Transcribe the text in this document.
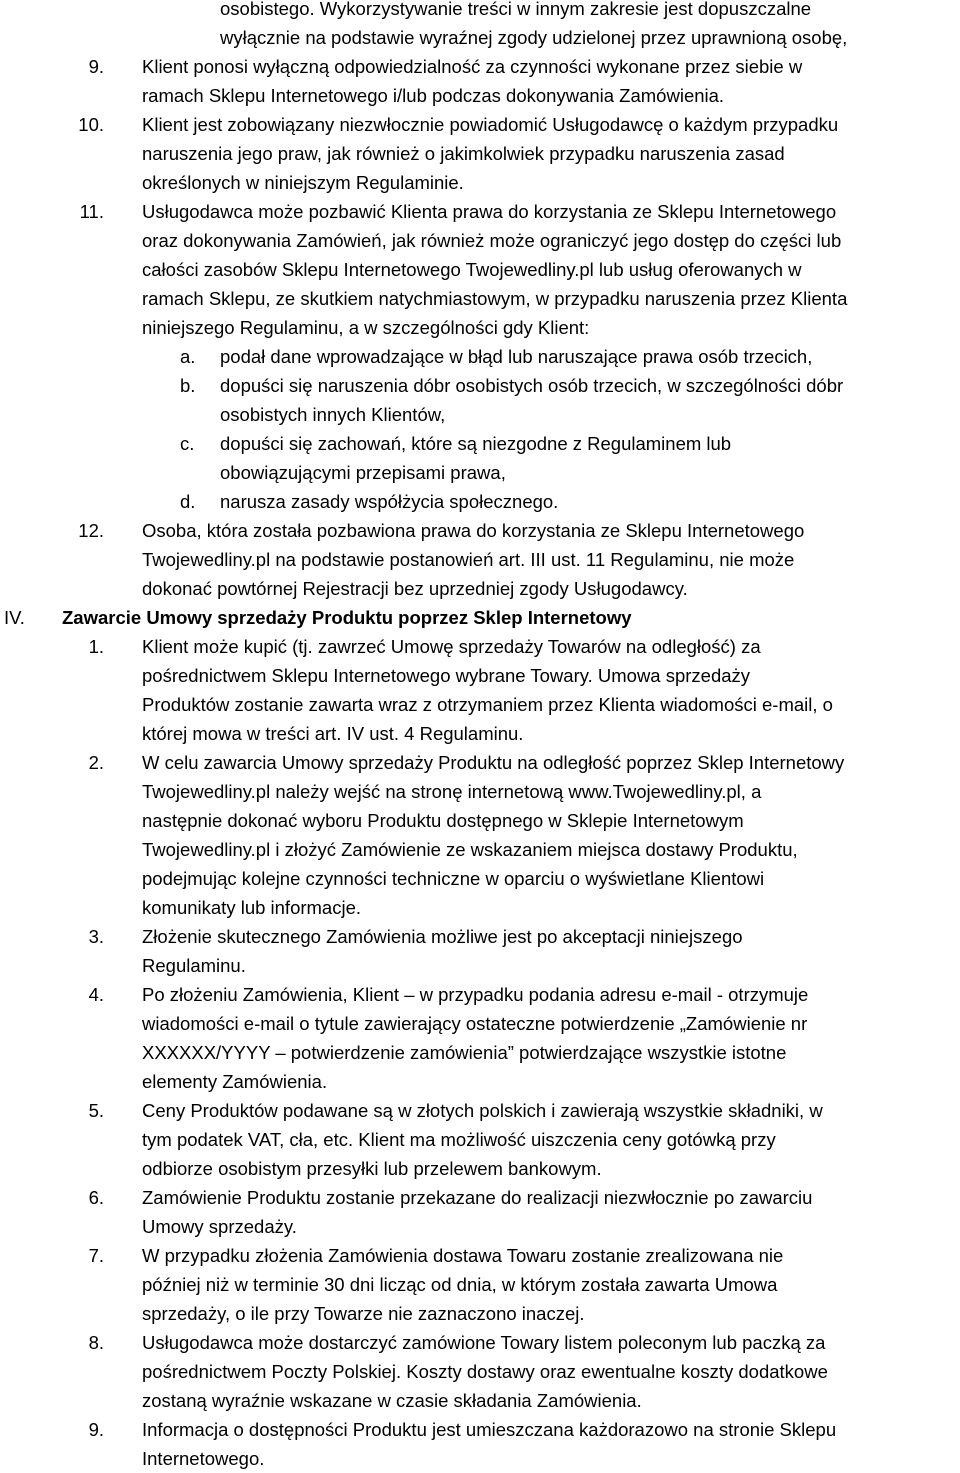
osobistego. Wykorzystywanie treści w innym zakresie jest dopuszczalne
wyłącznie na podstawie wyraźnej zgody udzielonej przez uprawnioną osobę,
9. Klient ponosi wyłączną odpowiedzialność za czynności wykonane przez siebie w
ramach Sklepu Internetowego i/lub podczas dokonywania Zamówienia.
10. Klient jest zobowiązany niezwłocznie powiadomić Usługodawcę o każdym przypadku
naruszenia jego praw, jak również o jakimkolwiek przypadku naruszenia zasad
określonych w niniejszym Regulaminie.
11. Usługodawca może pozbawić Klienta prawa do korzystania ze Sklepu Internetowego
oraz dokonywania Zamówień, jak również może ograniczyć jego dostęp do części lub
całości zasobów Sklepu Internetowego Twojewedliny.pl lub usług oferowanych w
ramach Sklepu, ze skutkiem natychmiastowym, w przypadku naruszenia przez Klienta
niniejszego Regulaminu, a w szczególności gdy Klient:
a. podał dane wprowadzające w błąd lub naruszające prawa osób trzecich,
b. dopuści się naruszenia dóbr osobistych osób trzecich, w szczególności dóbr
osobistych innych Klientów,
c. dopuści się zachowań, które są niezgodne z Regulaminem lub
obowiązującymi przepisami prawa,
d. narusza zasady współżycia społecznego.
12. Osoba, która została pozbawiona prawa do korzystania ze Sklepu Internetowego
Twojewedliny.pl na podstawie postanowień art. III ust. 11 Regulaminu, nie może
dokonać powtórnej Rejestracji bez uprzedniej zgody Usługodawcy.
IV. Zawarcie Umowy sprzedaży Produktu poprzez Sklep Internetowy
1. Klient może kupić (tj. zawrzeć Umowę sprzedaży Towarów na odległość) za
pośrednictwem Sklepu Internetowego wybrane Towary. Umowa sprzedaży
Produktów zostanie zawarta wraz z otrzymaniem przez Klienta wiadomości e-mail, o
której mowa w treści art. IV ust. 4 Regulaminu.
2. W celu zawarcia Umowy sprzedaży Produktu na odległość poprzez Sklep Internetowy
Twojewedliny.pl należy wejść na stronę internetową www.Twojewedliny.pl, a
następnie dokonać wyboru Produktu dostępnego w Sklepie Internetowym
Twojewedliny.pl i złożyć Zamówienie ze wskazaniem miejsca dostawy Produktu,
podejmując kolejne czynności techniczne w oparciu o wyświetlane Klientowi
komunikaty lub informacje.
3. Złożenie skutecznego Zamówienia możliwe jest po akceptacji niniejszego
Regulaminu.
4. Po złożeniu Zamówienia, Klient – w przypadku podania adresu e-mail - otrzymuje
wiadomości e-mail o tytule zawierający ostateczne potwierdzenie „Zamówienie nr
XXXXXX/YYYY – potwierdzenie zamówienia” potwierdzające wszystkie istotne
elementy Zamówienia.
5. Ceny Produktów podawane są w złotych polskich i zawierają wszystkie składniki, w
tym podatek VAT, cła, etc. Klient ma możliwość uiszczenia ceny gotówką przy
odbiorze osobistym przesyłki lub przelewem bankowym.
6. Zamówienie Produktu zostanie przekazane do realizacji niezwłocznie po zawarciu
Umowy sprzedaży.
7. W przypadku złożenia Zamówienia dostawa Towaru zostanie zrealizowana nie
później niż w terminie 30 dni licząc od dnia, w którym została zawarta Umowa
sprzedaży, o ile przy Towarze nie zaznaczono inaczej.
8. Usługodawca może dostarczyć zamówione Towary listem poleconym lub paczką za
pośrednictwem Poczty Polskiej. Koszty dostawy oraz ewentualne koszty dodatkowe
zostaną wyraźnie wskazane w czasie składania Zamówienia.
9. Informacja o dostępności Produktu jest umieszczana każdorazowo na stronie Sklepu
Internetowego.
